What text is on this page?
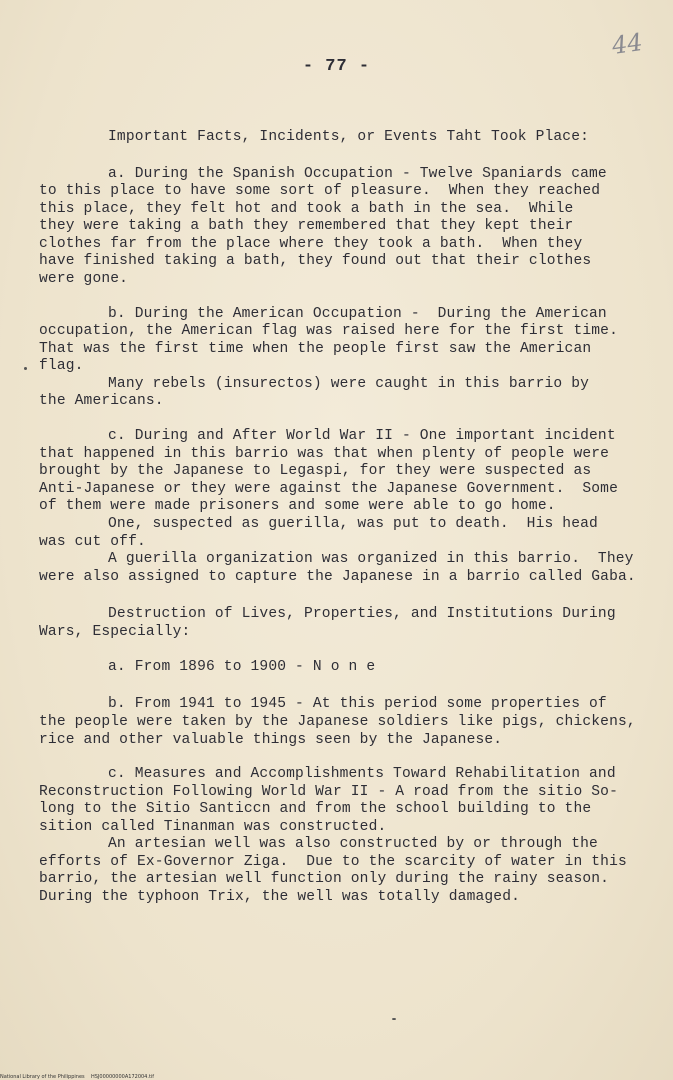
- 77 -
44
Important Facts, Incidents, or Events Taht Took Place:
a. During the Spanish Occupation - Twelve Spaniards came
to this place to have some sort of pleasure.  When they reached
this place, they felt hot and took a bath in the sea.  While
they were taking a bath they remembered that they kept their
clothes far from the place where they took a bath.  When they
have finished taking a bath, they found out that their clothes
were gone.
b. During the American Occupation -  During the American
occupation, the American flag was raised here for the first time.
That was the first time when the people first saw the American
flag.
Many rebels (insurectos) were caught in this barrio by
the Americans.
c. During and After World War II - One important incident
that happened in this barrio was that when plenty of people were
brought by the Japanese to Legaspi, for they were suspected as
Anti-Japanese or they were against the Japanese Government.  Some
of them were made prisoners and some were able to go home.
One, suspected as guerilla, was put to death.  His head
was cut off.
A guerilla organization was organized in this barrio.  They
were also assigned to capture the Japanese in a barrio called Gaba.
Destruction of Lives, Properties, and Institutions During
Wars, Especially:
a. From 1896 to 1900 - N o n e
b. From 1941 to 1945 - At this period some properties of
the people were taken by the Japanese soldiers like pigs, chickens,
rice and other valuable things seen by the Japanese.
c. Measures and Accomplishments Toward Rehabilitation and
Reconstruction Following World War II - A road from the sitio So-
long to the Sitio Santiccn and from the school building to the
sition called Tinanman was constructed.
An artesian well was also constructed by or through the
efforts of Ex-Governor Ziga.  Due to the scarcity of water in this
barrio, the artesian well function only during the rainy season.
During the typhoon Trix, the well was totally damaged.
National Library of the Philippines    HSJ00000000A172004.tif
